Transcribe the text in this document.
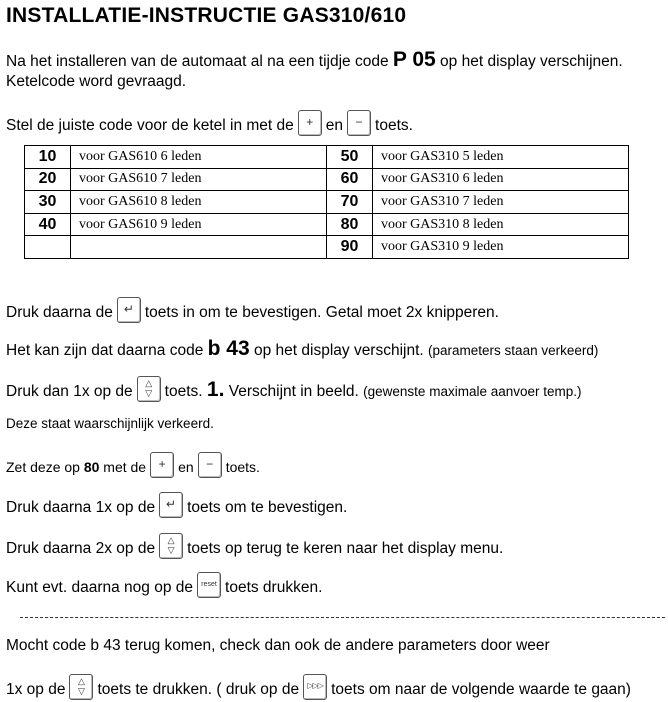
INSTALLATIE-INSTRUCTIE GAS310/610
Na het installeren van de automaat al na een tijdje code P 05 op het display verschijnen.
Ketelcode word gevraagd.
Stel de juiste code voor de ketel in met de	+ en	− toets.
10	voor GAS610 6 leden	50	voor GAS310 5 leden
20	voor GAS610 7 leden	60	voor GAS310 6 leden
30	voor GAS610 8 leden	70	voor GAS310 7 leden
40	voor GAS610 9 leden	80	voor GAS310 8 leden
		90	voor GAS310 9 leden
Druk daarna de ↵ toets in om te bevestigen. Getal moet 2x knipperen.
Het kan zijn dat daarna code b 43 op het display verschijnt. (parameters staan verkeerd)
Druk dan 1x op de	△
▽ toets. 1. Verschijnt in beeld. (gewenste maximale aanvoer temp.)
Deze staat waarschijnlijk verkeerd.
Zet deze op 80 met de	+ en	− toets.
Druk daarna 1x op de ↵ toets om te bevestigen.
Druk daarna 2x op de	△
▽ toets op terug te keren naar het display menu.
Kunt evt. daarna nog op de	reset toets drukken.
Mocht code b 43 terug komen, check dan ook de andere parameters door weer
1x op de	△
▽ toets te drukken. ( druk op de	▷▷▷ toets om naar de volgende waarde te gaan)
